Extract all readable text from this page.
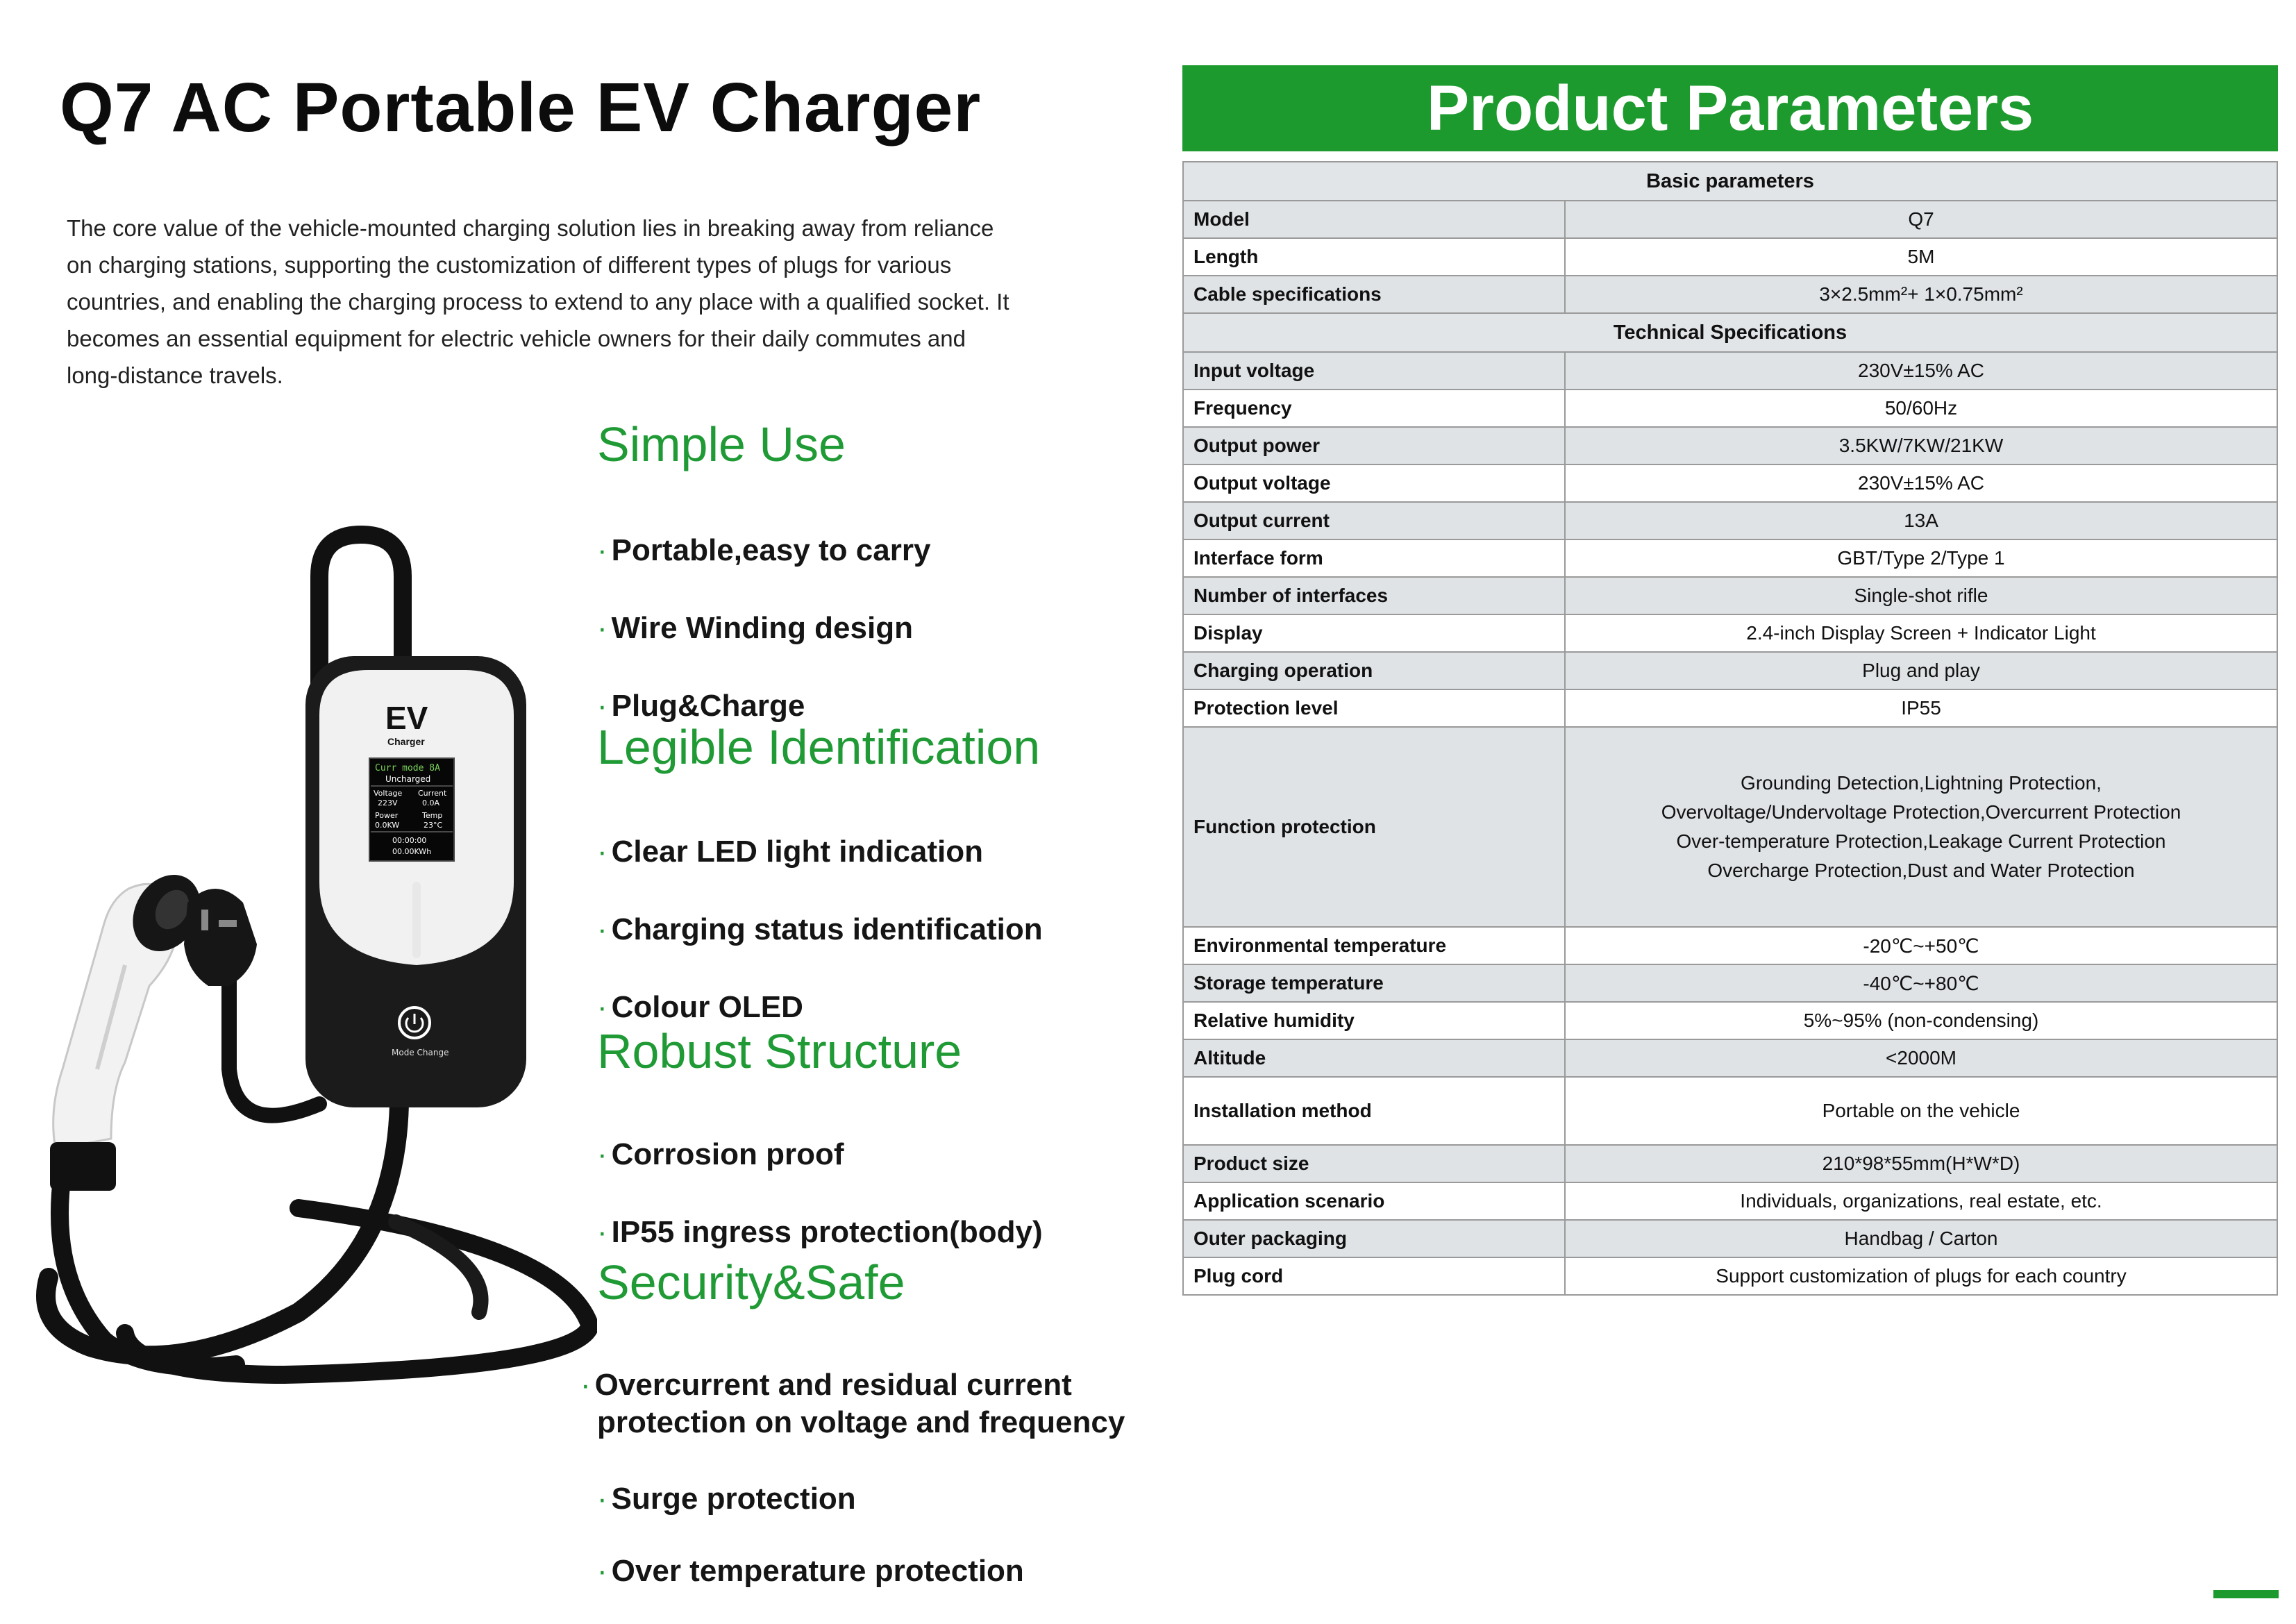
Q7 AC Portable EV Charger

The core value of the vehicle-mounted charging solution lies in breaking away from reliance on charging stations, supporting the customization of different types of plugs for various countries, and enabling the charging process to extend to any place with a qualified socket. It becomes an essential equipment for electric vehicle owners for their daily commutes and long-distance travels.

EV
Charger
Curr mode 8A
Uncharged
Voltage Current
223V	0.0A
Power	Temp
0.0KW	23°C
00:00:00
00.00KWh
Mode Change
Simple Use

· Portable,easy to carry

· Wire Winding design

· Plug&Charge

Legible Identification

· Clear LED light indication

· Charging status identification

· Colour OLED

Robust Structure

· Corrosion proof

· IP55 ingress protection(body)

Security&Safe

· Overcurrent and residual current protection on voltage and frequency

· Surge protection

· Over temperature protection

Product Parameters
Basic parameters	
Model	Q7
Length	5M
Cable specifications	3×2.5mm²+ 1×0.75mm²
Technical Specifications	
Input voltage	230V±15% AC
Frequency	50/60Hz
Output power	3.5KW/7KW/21KW
Output voltage	230V±15% AC
Output current	13A
Interface form	GBT/Type 2/Type 1
Number of interfaces	Single-shot rifle
Display	2.4-inch Display Screen + Indicator Light
Charging operation	Plug and play
Protection level	IP55
Function protection	Grounding Detection,Lightning Protection,
Overvoltage/Undervoltage Protection,Overcurrent Protection
Over-temperature Protection,Leakage Current Protection
Overcharge Protection,Dust and Water Protection

Environmental temperature	-20℃~+50℃
Storage temperature	-40℃~+80℃
Relative humidity	5%~95% (non-condensing)
Altitude	<2000M
Installation method	Portable on the vehicle
Product size	210*98*55mm(H*W*D)
Application scenario	Individuals, organizations, real estate, etc.
Outer packaging	Handbag / Carton
Plug cord	Support customization of plugs for each country
